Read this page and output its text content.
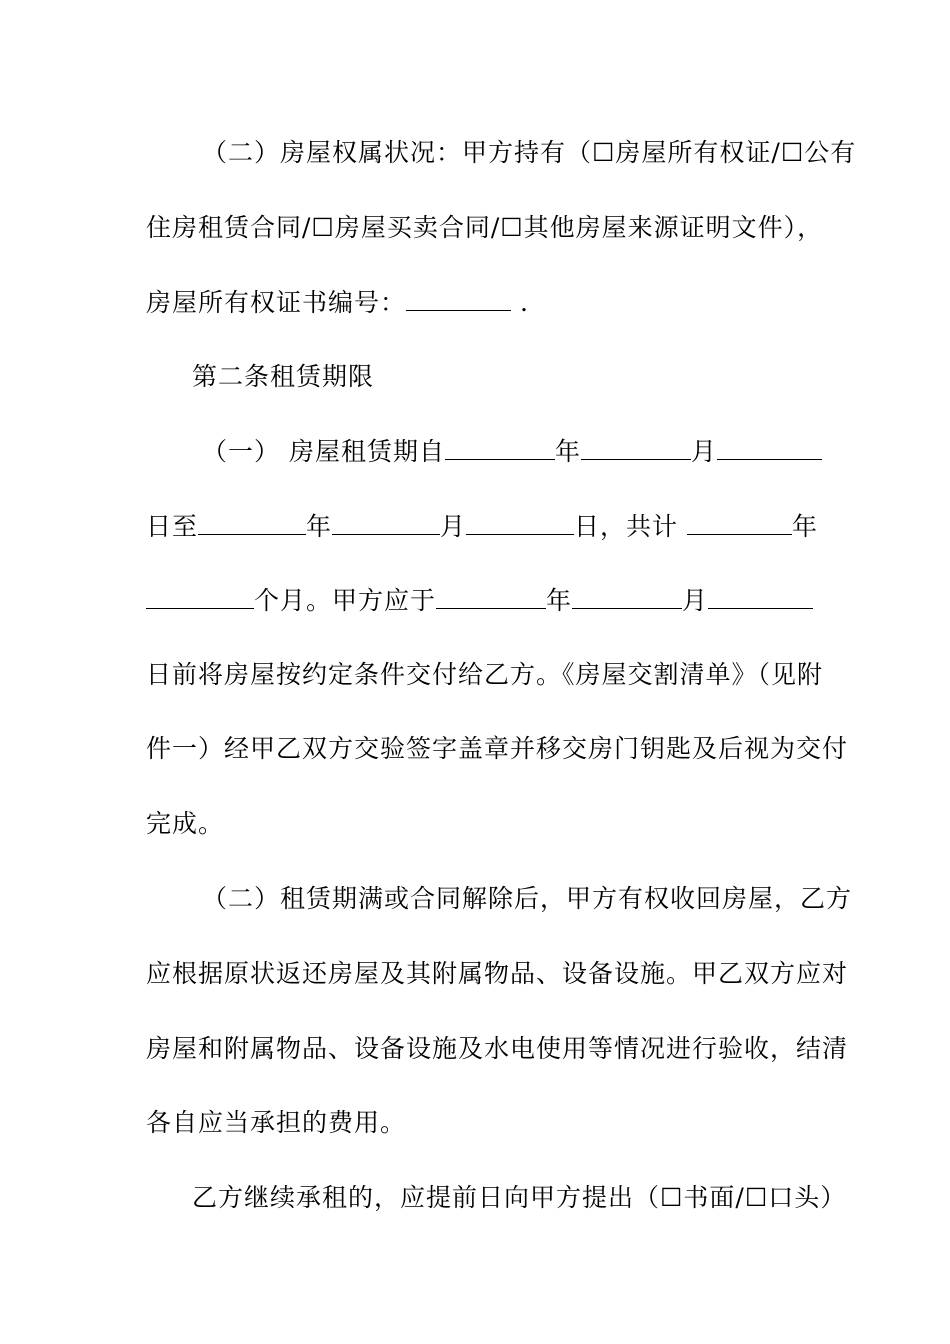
（二）房屋权属状况：甲方持有（☐房屋所有权证/☐公有
住房租赁合同/☐房屋买卖合同/☐其他房屋来源证明文件），
房屋所有权证书编号：	.
第二条租赁期限
（一） 房屋租赁期自	年	月
日至	年	月	日，共计	年
个月。甲方应于	年	月
日前将房屋按约定条件交付给乙方。《房屋交割清单》（见附
件一）经甲乙双方交验签字盖章并移交房门钥匙及后视为交付
完成。
（二）租赁期满或合同解除后，甲方有权收回房屋，乙方
应根据原状返还房屋及其附属物品、设备设施。甲乙双方应对
房屋和附属物品、设备设施及水电使用等情况进行验收，结清
各自应当承担的费用。
乙方继续承租的，应提前日向甲方提出（☐书面/☐口头）
